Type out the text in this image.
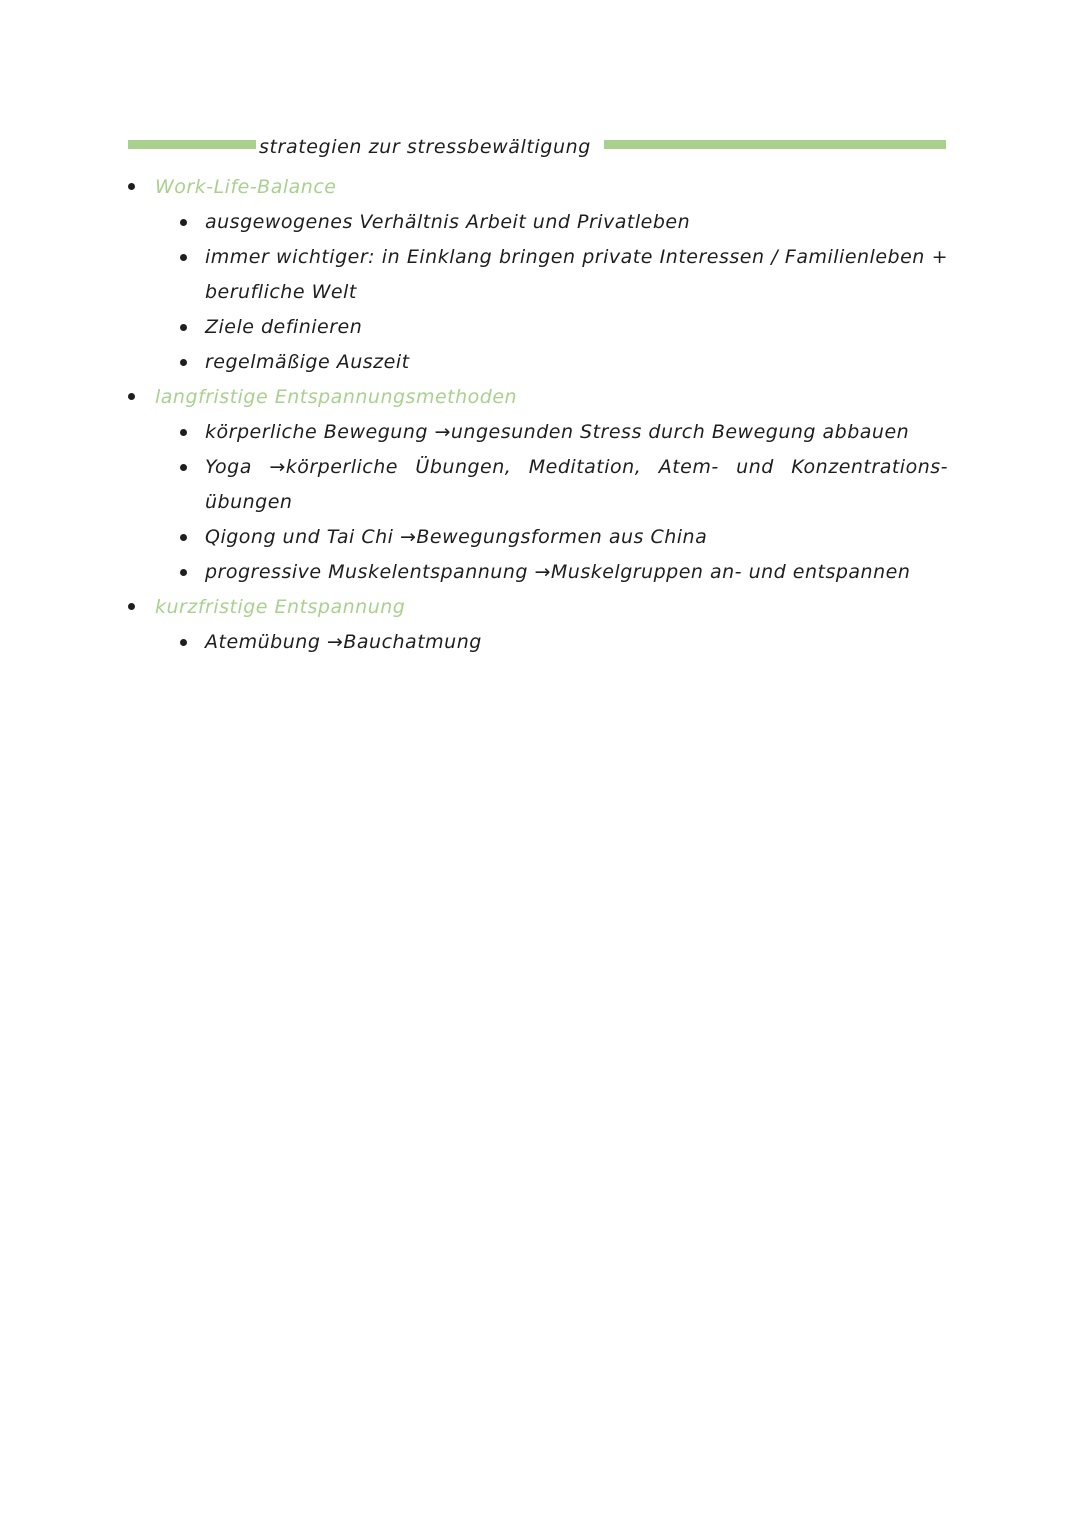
strategien zur stressbewältigung
Work-Life-Balance
ausgewogenes Verhältnis Arbeit und Privatleben
immer wichtiger: in Einklang bringen private Interessen / Familienleben +
berufliche Welt
Ziele definieren
regelmäßige Auszeit
langfristige Entspannungsmethoden
körperliche Bewegung →ungesunden Stress durch Bewegung abbauen
Yoga →körperliche Übungen, Meditation, Atem- und Konzentrations-
übungen
Qigong und Tai Chi →Bewegungsformen aus China
progressive Muskelentspannung →Muskelgruppen an- und entspannen
kurzfristige Entspannung
Atemübung →Bauchatmung
